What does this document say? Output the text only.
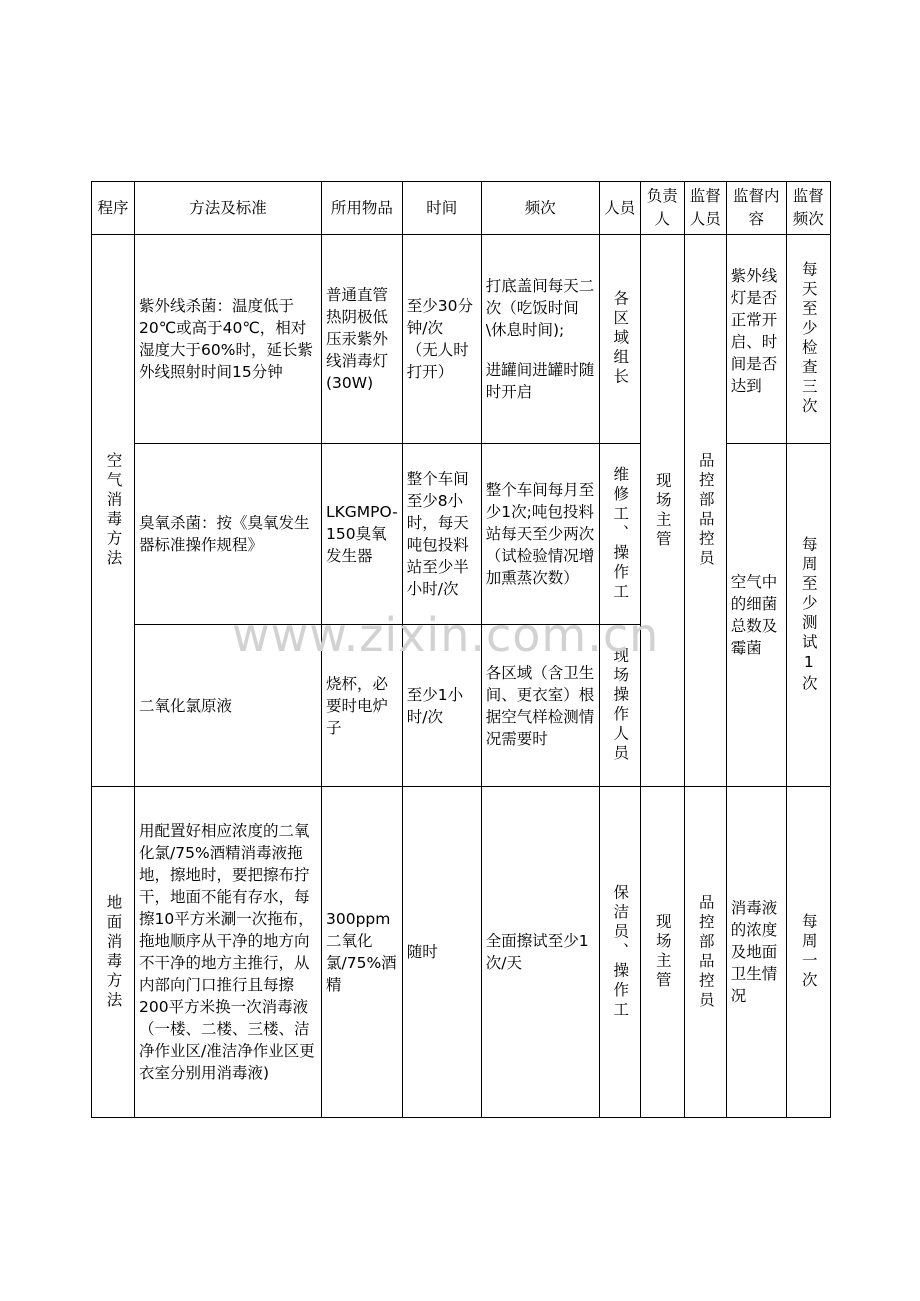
程序	方法及标准	所用物品	时间	频次	人员	负责人	监督人员	监督内容	监督频次

空气消毒方法	紫外线杀菌：温度低于20℃或高于40℃，相对湿度大于60%时，延长紫外线照射时间15分钟	普通直管热阴极低压汞紫外线消毒灯(30W)	至少30分钟/次 （无人时打开）	打底盖间每天二次（吃饭时间\休息时间);
进罐间进罐时随时开启	各区域组长	现场主管	品控部品控员	紫外线灯是否正常开启、时间是否达到	每天至少检查三次

	臭氧杀菌：按《臭氧发生器标准操作规程》	LKGMPO-150臭氧发生器	整个车间至少8小时，每天吨包投料站至少半小时/次	整个车间每月至少1次;吨包投料站每天至少两次（试检验情况增加熏蒸次数）	维修工、操作工			空气中的细菌总数及霉菌	每周至少测试1次

	二氧化氯原液	烧杯，必要时电炉子	至少1小时/次	各区域（含卫生间、更衣室）根据空气样检测情况需要时	现场操作人员				

地面消毒方法	用配置好相应浓度的二氧化氯/75%酒精消毒液拖地，擦地时，要把擦布拧干，地面不能有存水，每擦10平方米涮一次拖布，拖地顺序从干净的地方向不干净的地方主推行，从内部向门口推行且每擦200平方米换一次消毒液（一楼、二楼、三楼、洁净作业区/准洁净作业区更衣室分别用消毒液)	300ppm二氧化氯/75%酒精	随时	全面擦试至少1次/天	保洁员、操作工	现场主管	品控部品控员	消毒液的浓度及地面卫生情况	每周一次
www.zixin.com.cn
